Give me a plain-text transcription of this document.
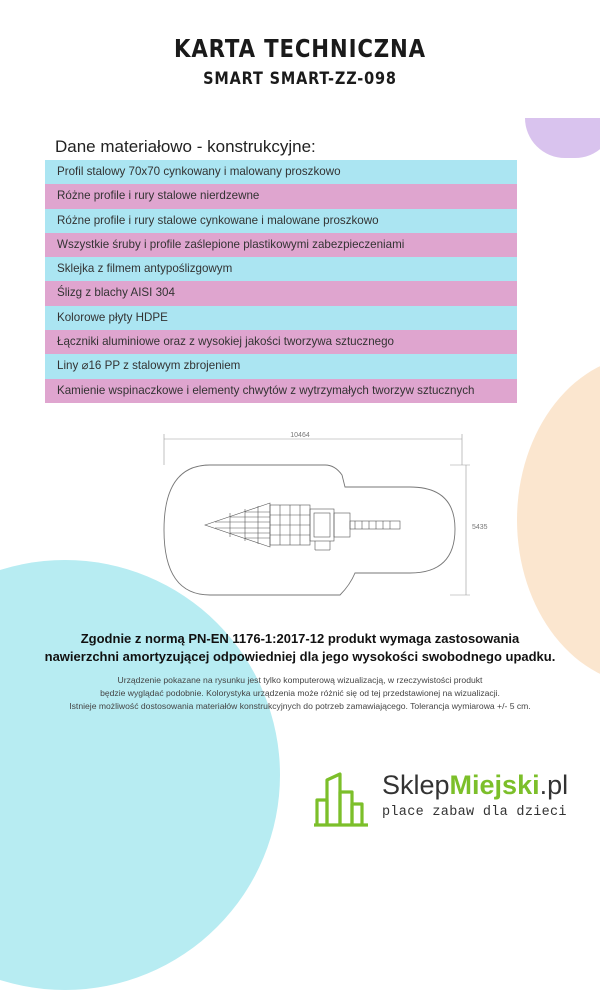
KARTA TECHNICZNA
SMART SMART-ZZ-098
Dane materiałowo - konstrukcyjne:
Profil stalowy 70x70 cynkowany i malowany proszkowo
Różne profile i rury stalowe nierdzewne
Różne profile i rury stalowe cynkowane i malowane proszkowo
Wszystkie śruby i profile zaślepione plastikowymi zabezpieczeniami
Sklejka z filmem antypoślizgowym
Ślizg z blachy AISI 304
Kolorowe płyty HDPE
Łączniki aluminiowe oraz z wysokiej jakości tworzywa sztucznego
Liny ⌀16 PP z stalowym zbrojeniem
Kamienie wspinaczkowe i elementy chwytów z wytrzymałych tworzyw sztucznych
10464
5435
Zgodnie z normą PN-EN 1176-1:2017-12 produkt wymaga zastosowania
nawierzchni amortyzującej odpowiedniej dla jego wysokości swobodnego upadku.
Urządzenie pokazane na rysunku jest tylko komputerową wizualizacją, w rzeczywistości produkt
będzie wyglądać podobnie. Kolorystyka urządzenia może różnić się od tej przedstawionej na wizualizacji.
Istnieje możliwość dostosowania materiałów konstrukcyjnych do potrzeb zamawiającego. Tolerancja wymiarowa +/- 5 cm.
SklepMiejski.pl
place zabaw dla dzieci
